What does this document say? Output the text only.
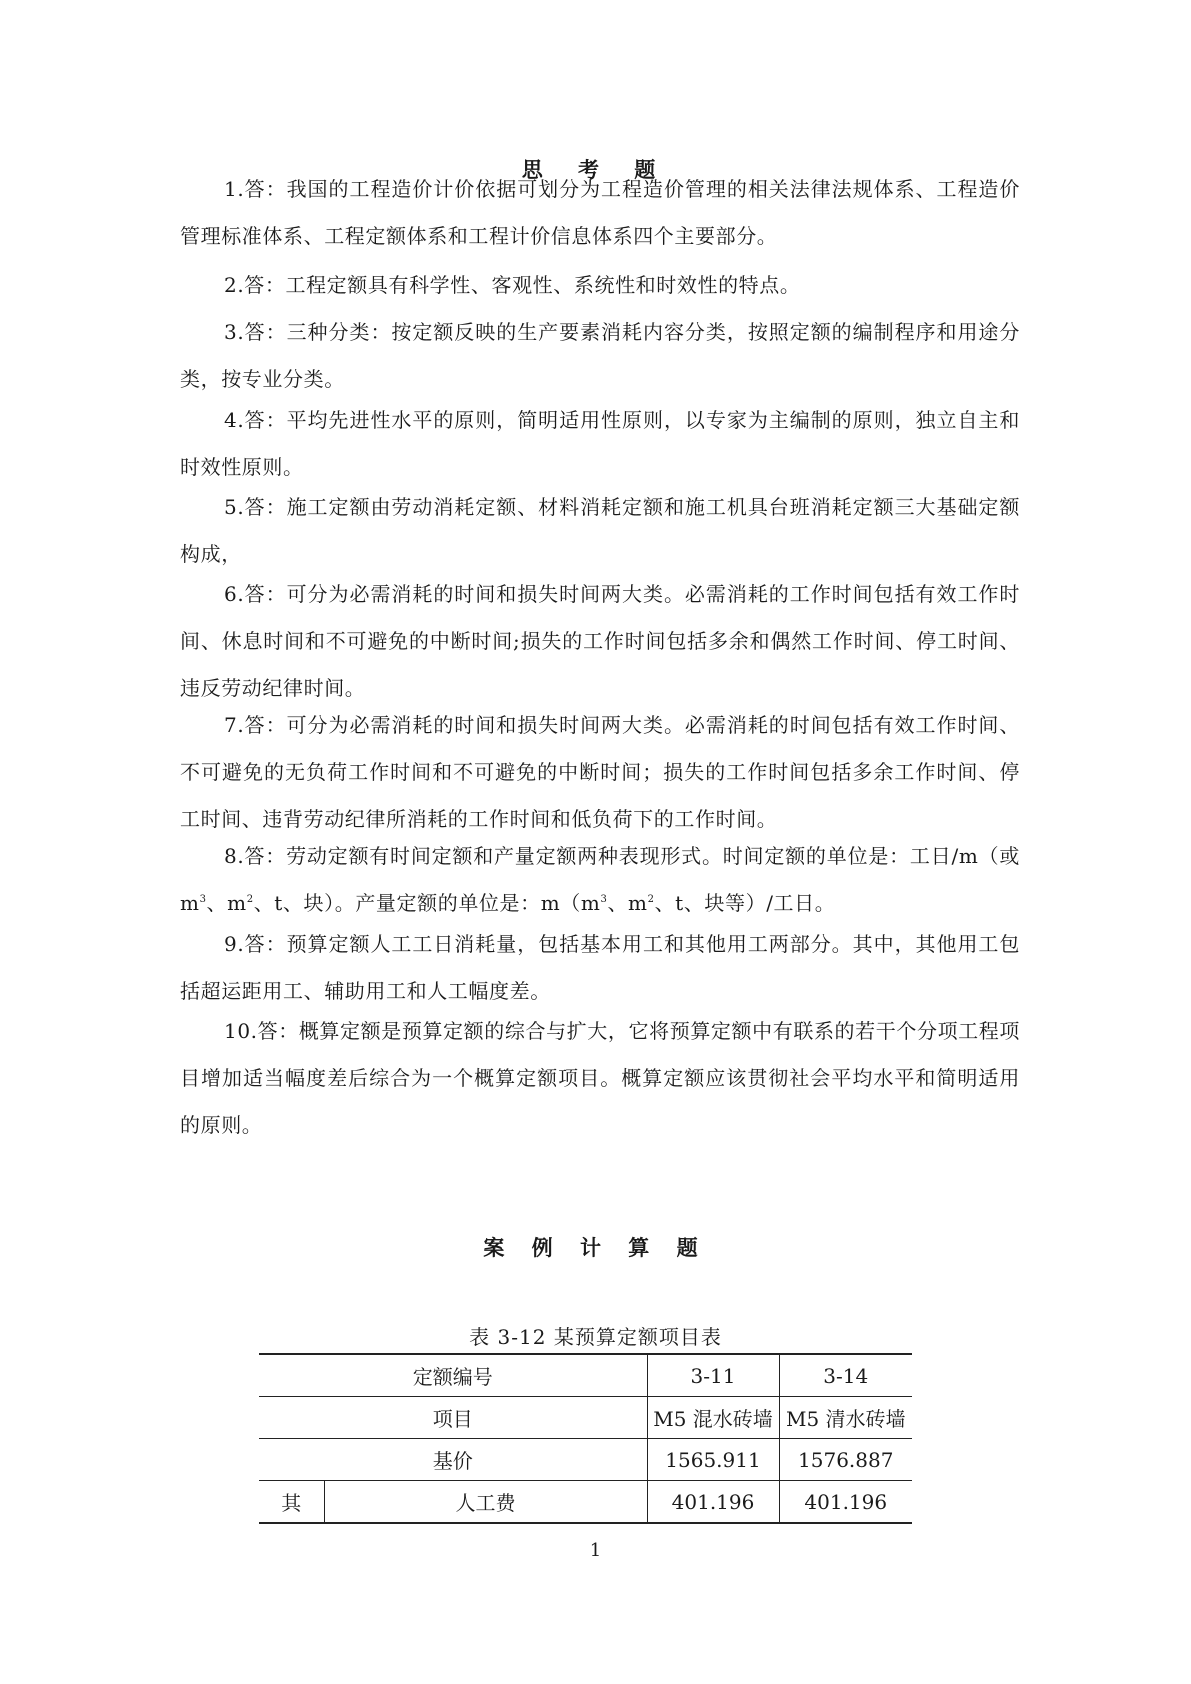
思 考 题

1.答：我国的工程造价计价依据可划分为工程造价管理的相关法律法规体系、工程造价管理标准体系、工程定额体系和工程计价信息体系四个主要部分。

2.答：工程定额具有科学性、客观性、系统性和时效性的特点。

3.答：三种分类：按定额反映的生产要素消耗内容分类，按照定额的编制程序和用途分类，按专业分类。

4.答：平均先进性水平的原则，简明适用性原则，以专家为主编制的原则，独立自主和时效性原则。

5.答：施工定额由劳动消耗定额、材料消耗定额和施工机具台班消耗定额三大基础定额构成，

6.答：可分为必需消耗的时间和损失时间两大类。必需消耗的工作时间包括有效工作时间、休息时间和不可避免的中断时间;损失的工作时间包括多余和偶然工作时间、停工时间、违反劳动纪律时间。

7.答：可分为必需消耗的时间和损失时间两大类。必需消耗的时间包括有效工作时间、不可避免的无负荷工作时间和不可避免的中断时间；损失的工作时间包括多余工作时间、停工时间、违背劳动纪律所消耗的工作时间和低负荷下的工作时间。

8.答：劳动定额有时间定额和产量定额两种表现形式。时间定额的单位是：工日/m（或$m^3$、$m^2$、t、块）。产量定额的单位是：$m(m^3$、$m^2$、t、块等）/工日。

9.答：预算定额人工工日消耗量，包括基本用工和其他用工两部分。其中，其他用工包括超运距用工、辅助用工和人工幅度差。

10.答：概算定额是预算定额的综合与扩大，它将预算定额中有联系的若干个分项工程项目增加适当幅度差后综合为一个概算定额项目。概算定额应该贯彻社会平均水平和简明适用的原则。

案 例 计 算 题
表 3-12 某预算定额项目表
定额编号		3-11	3-14
项目		M5 混水砖墙	M5 清水砖墙
基价		1565.911	1576.887
其	人工费	401.196	401.196
1
